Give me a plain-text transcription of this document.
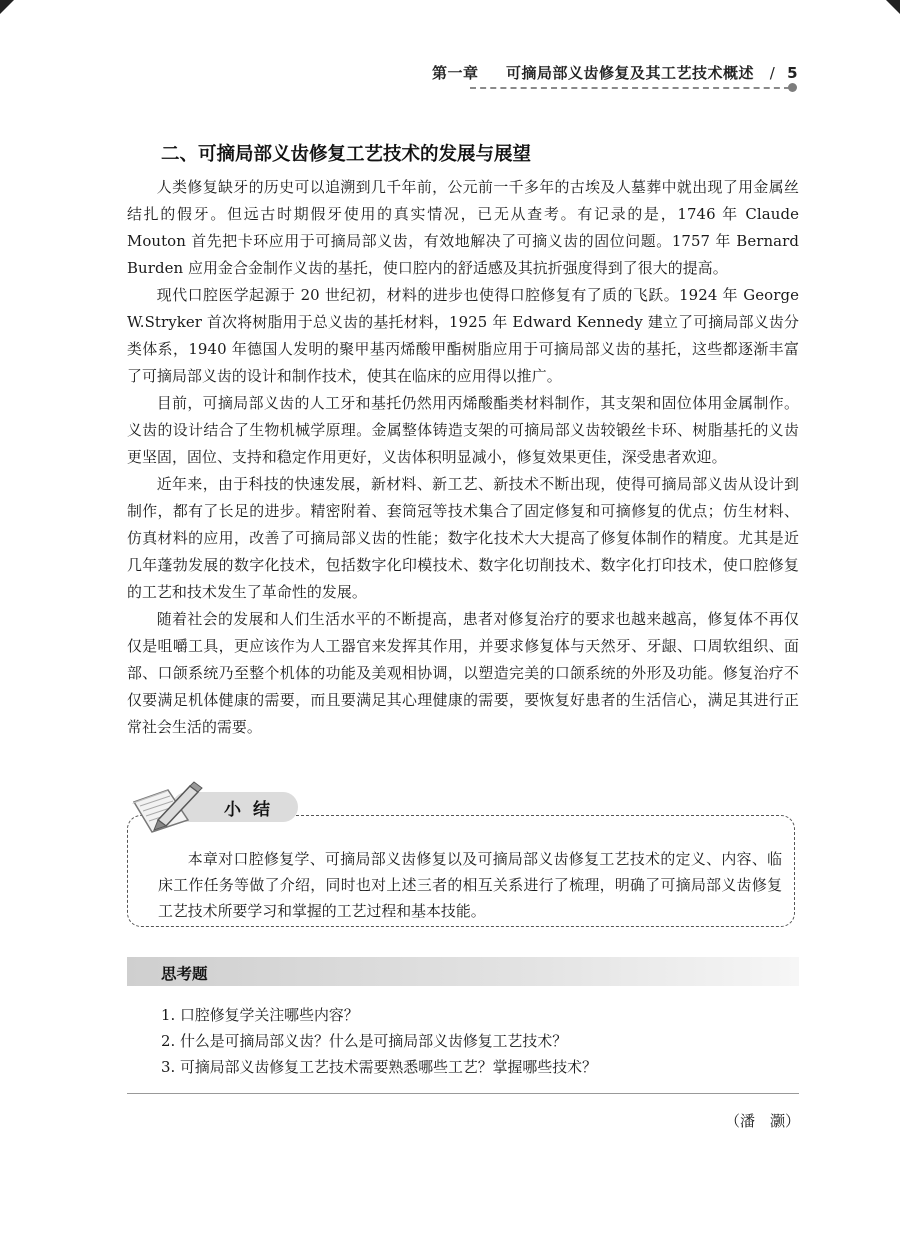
第一章 可摘局部义齿修复及其工艺技术概述 / 5
二、可摘局部义齿修复工艺技术的发展与展望

人类修复缺牙的历史可以追溯到几千年前，公元前一千多年的古埃及人墓葬中就出现了用金属丝结扎的假牙。但远古时期假牙使用的真实情况，已无从查考。有记录的是，1746 年 Claude Mouton 首先把卡环应用于可摘局部义齿，有效地解决了可摘义齿的固位问题。1757 年 Bernard Burden 应用金合金制作义齿的基托，使口腔内的舒适感及其抗折强度得到了很大的提高。

现代口腔医学起源于 20 世纪初，材料的进步也使得口腔修复有了质的飞跃。1924 年 George W.Stryker 首次将树脂用于总义齿的基托材料，1925 年 Edward Kennedy 建立了可摘局部义齿分类体系，1940 年德国人发明的聚甲基丙烯酸甲酯树脂应用于可摘局部义齿的基托，这些都逐渐丰富了可摘局部义齿的设计和制作技术，使其在临床的应用得以推广。

目前，可摘局部义齿的人工牙和基托仍然用丙烯酸酯类材料制作，其支架和固位体用金属制作。义齿的设计结合了生物机械学原理。金属整体铸造支架的可摘局部义齿较锻丝卡环、树脂基托的义齿更坚固，固位、支持和稳定作用更好，义齿体积明显减小，修复效果更佳，深受患者欢迎。

近年来，由于科技的快速发展，新材料、新工艺、新技术不断出现，使得可摘局部义齿从设计到制作，都有了长足的进步。精密附着、套筒冠等技术集合了固定修复和可摘修复的优点；仿生材料、仿真材料的应用，改善了可摘局部义齿的性能；数字化技术大大提高了修复体制作的精度。尤其是近几年蓬勃发展的数字化技术，包括数字化印模技术、数字化切削技术、数字化打印技术，使口腔修复的工艺和技术发生了革命性的发展。

随着社会的发展和人们生活水平的不断提高，患者对修复治疗的要求也越来越高，修复体不再仅仅是咀嚼工具，更应该作为人工器官来发挥其作用，并要求修复体与天然牙、牙龈、口周软组织、面部、口颌系统乃至整个机体的功能及美观相协调，以塑造完美的口颌系统的外形及功能。修复治疗不仅要满足机体健康的需要，而且要满足其心理健康的需要，要恢复好患者的生活信心，满足其进行正常社会生活的需要。

小结

本章对口腔修复学、可摘局部义齿修复以及可摘局部义齿修复工艺技术的定义、内容、临床工作任务等做了介绍，同时也对上述三者的相互关系进行了梳理，明确了可摘局部义齿修复工艺技术所要学习和掌握的工艺过程和基本技能。

思考题
1. 口腔修复学关注哪些内容？
2. 什么是可摘局部义齿？什么是可摘局部义齿修复工艺技术？
3. 可摘局部义齿修复工艺技术需要熟悉哪些工艺？掌握哪些技术？
（潘　灏）
